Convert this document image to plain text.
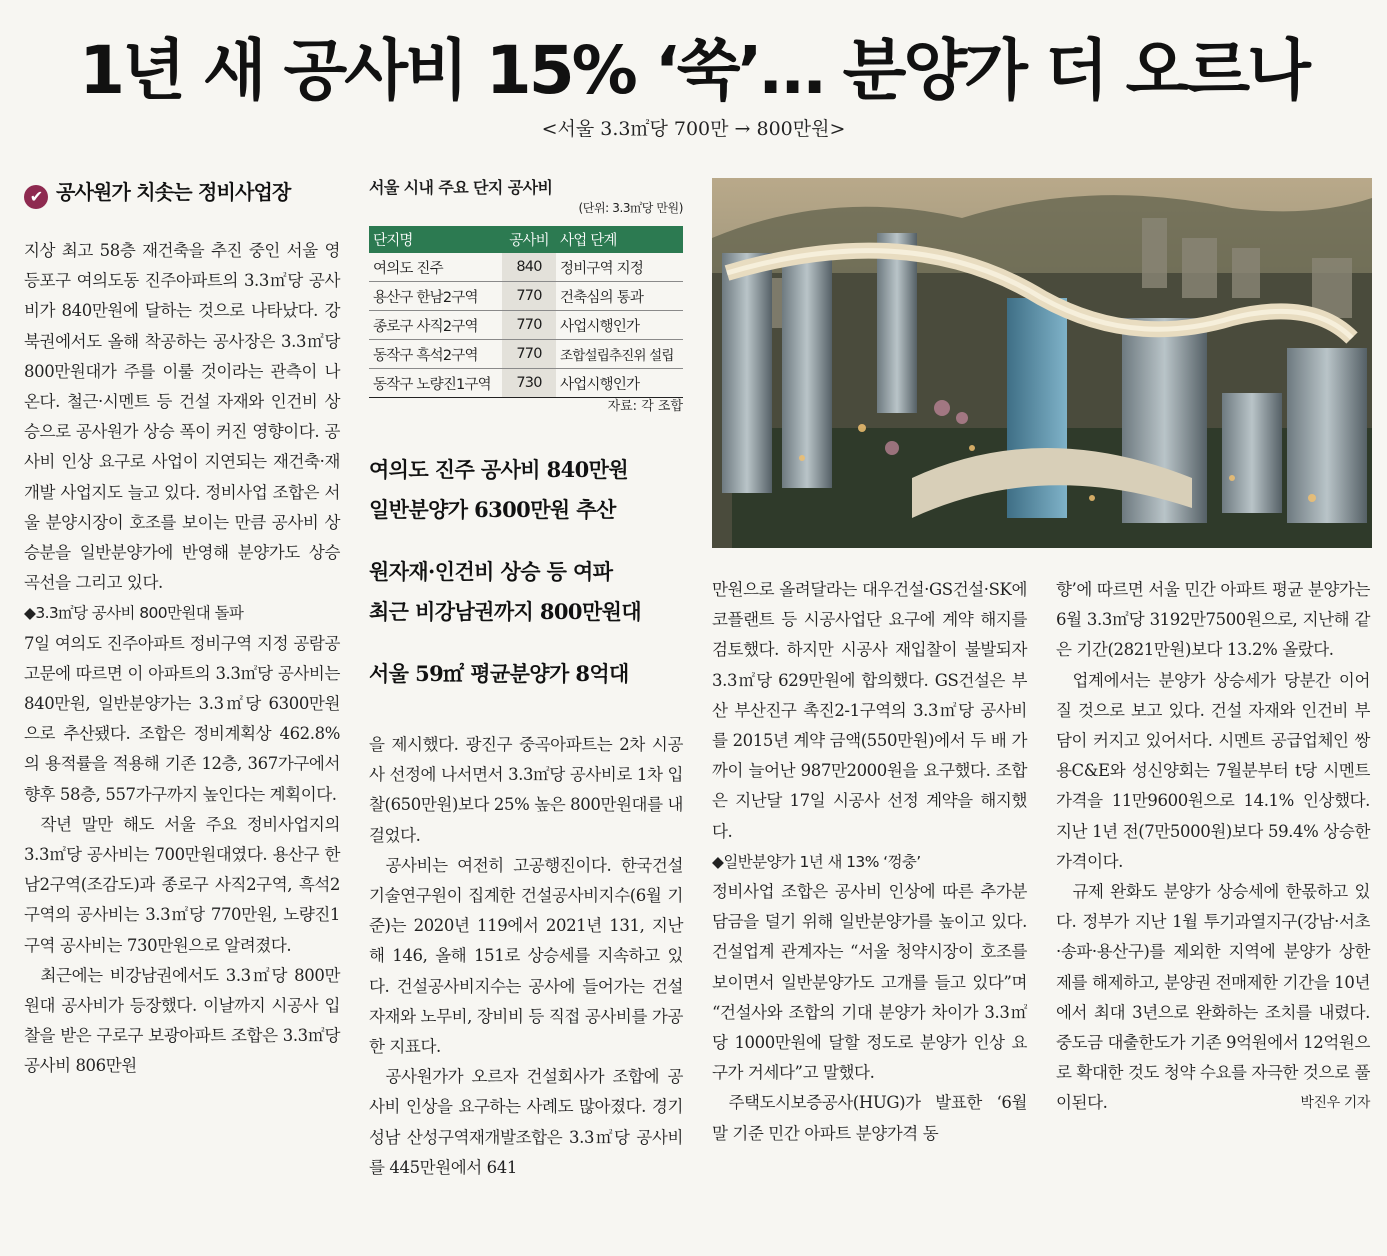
1년 새 공사비 15% ‘쑥’… 분양가 더 오르나
<서울 3.3㎡당 700만 → 800만원>
✔ 공사원가 치솟는 정비사업장

지상 최고 58층 재건축을 추진 중인 서울 영등포구 여의도동 진주아파트의 3.3㎡당 공사비가 840만원에 달하는 것으로 나타났다. 강북권에서도 올해 착공하는 공사장은 3.3㎡당 800만원대가 주를 이룰 것이라는 관측이 나온다. 철근·시멘트 등 건설 자재와 인건비 상승으로 공사원가 상승 폭이 커진 영향이다. 공사비 인상 요구로 사업이 지연되는 재건축·재개발 사업지도 늘고 있다. 정비사업 조합은 서울 분양시장이 호조를 보이는 만큼 공사비 상승분을 일반분양가에 반영해 분양가도 상승 곡선을 그리고 있다.

◆3.3㎡당 공사비 800만원대 돌파

7일 여의도 진주아파트 정비구역 지정 공람공고문에 따르면 이 아파트의 3.3㎡당 공사비는 840만원, 일반분양가는 3.3㎡당 6300만원으로 추산됐다. 조합은 정비계획상 462.8%의 용적률을 적용해 기존 12층, 367가구에서 향후 58층, 557가구까지 높인다는 계획이다.

작년 말만 해도 서울 주요 정비사업지의 3.3㎡당 공사비는 700만원대였다. 용산구 한남2구역(조감도)과 종로구 사직2구역, 흑석2구역의 공사비는 3.3㎡당 770만원, 노량진1구역 공사비는 730만원으로 알려졌다.

최근에는 비강남권에서도 3.3㎡당 800만원대 공사비가 등장했다. 이날까지 시공사 입찰을 받은 구로구 보광아파트 조합은 3.3㎡당 공사비 806만원

서울 시내 주요 단지 공사비
(단위: 3.3㎡당 만원)
단지명	공사비	사업 단계
여의도 진주	840	정비구역 지정
용산구 한남2구역	770	건축심의 통과
종로구 사직2구역	770	사업시행인가
동작구 흑석2구역	770	조합설립추진위 설립
동작구 노량진1구역	730	사업시행인가
자료: 각 조합
여의도 진주 공사비 840만원
일반분양가 6300만원 추산
원자재·인건비 상승 등 여파
최근 비강남권까지 800만원대
서울 59㎡ 평균분양가 8억대

을 제시했다. 광진구 중곡아파트는 2차 시공사 선정에 나서면서 3.3㎡당 공사비로 1차 입찰(650만원)보다 25% 높은 800만원대를 내걸었다.

공사비는 여전히 고공행진이다. 한국건설기술연구원이 집계한 건설공사비지수(6월 기준)는 2020년 119에서 2021년 131, 지난해 146, 올해 151로 상승세를 지속하고 있다. 건설공사비지수는 공사에 들어가는 건설 자재와 노무비, 장비비 등 직접 공사비를 가공한 지표다.

공사원가가 오르자 건설회사가 조합에 공사비 인상을 요구하는 사례도 많아졌다. 경기 성남 산성구역재개발조합은 3.3㎡당 공사비를 445만원에서 641

만원으로 올려달라는 대우건설·GS건설·SK에코플랜트 등 시공사업단 요구에 계약 해지를 검토했다. 하지만 시공사 재입찰이 불발되자 3.3㎡당 629만원에 합의했다. GS건설은 부산 부산진구 촉진2-1구역의 3.3㎡당 공사비를 2015년 계약 금액(550만원)에서 두 배 가까이 늘어난 987만2000원을 요구했다. 조합은 지난달 17일 시공사 선정 계약을 해지했다.

◆일반분양가 1년 새 13% ‘껑충’

정비사업 조합은 공사비 인상에 따른 추가분담금을 덜기 위해 일반분양가를 높이고 있다. 건설업계 관계자는 “서울 청약시장이 호조를 보이면서 일반분양가도 고개를 들고 있다”며 “건설사와 조합의 기대 분양가 차이가 3.3㎡당 1000만원에 달할 정도로 분양가 인상 요구가 거세다”고 말했다.

주택도시보증공사(HUG)가 발표한 ‘6월 말 기준 민간 아파트 분양가격 동

향’에 따르면 서울 민간 아파트 평균 분양가는 6월 3.3㎡당 3192만7500원으로, 지난해 같은 기간(2821만원)보다 13.2% 올랐다.

업계에서는 분양가 상승세가 당분간 이어질 것으로 보고 있다. 건설 자재와 인건비 부담이 커지고 있어서다. 시멘트 공급업체인 쌍용C&E와 성신양회는 7월분부터 t당 시멘트 가격을 11만9600원으로 14.1% 인상했다. 지난 1년 전(7만5000원)보다 59.4% 상승한 가격이다.

규제 완화도 분양가 상승세에 한몫하고 있다. 정부가 지난 1월 투기과열지구(강남·서초·송파·용산구)를 제외한 지역에 분양가 상한제를 해제하고, 분양권 전매제한 기간을 10년에서 최대 3년으로 완화하는 조치를 내렸다. 중도금 대출한도가 기존 9억원에서 12억원으로 확대한 것도 청약 수요를 자극한 것으로 풀이된다.	박진우 기자
